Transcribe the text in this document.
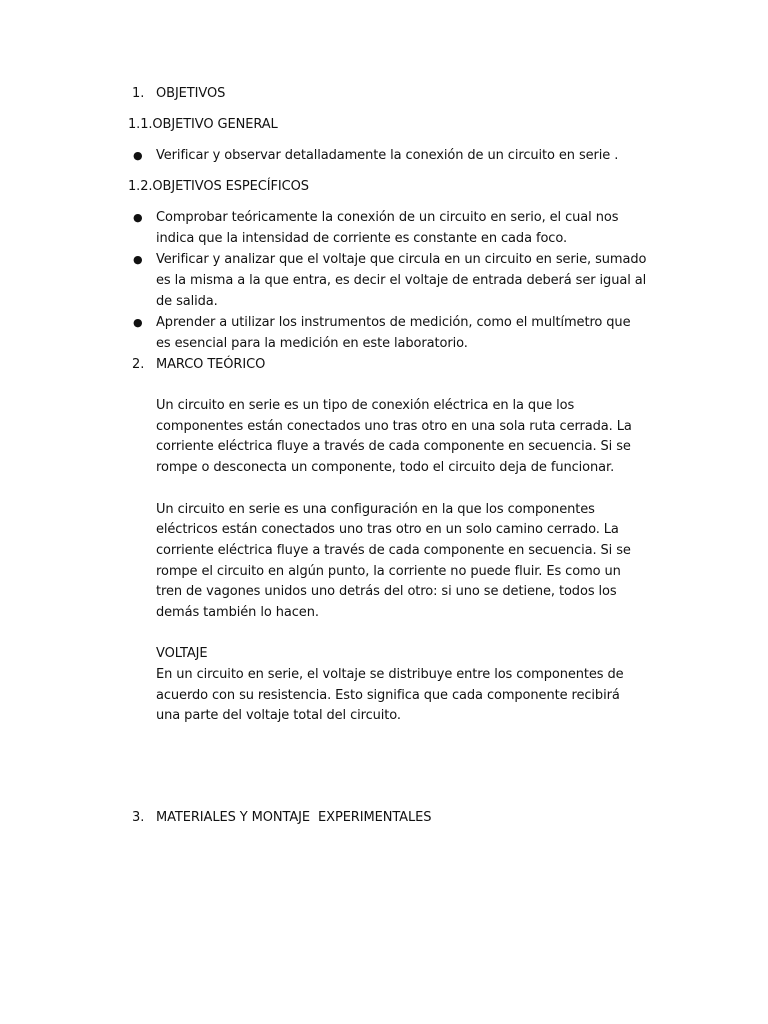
1. OBJETIVOS
1.1.OBJETIVO GENERAL
● Verificar y observar detalladamente la conexión de un circuito en serie .
1.2.OBJETIVOS ESPECÍFICOS
● Comprobar teóricamente la conexión de un circuito en serio, el cual nos
indica que la intensidad de corriente es constante en cada foco.
● Verificar y analizar que el voltaje que circula en un circuito en serie, sumado
es la misma a la que entra, es decir el voltaje de entrada deberá ser igual al
de salida.
● Aprender a utilizar los instrumentos de medición, como el multímetro que
es esencial para la medición en este laboratorio.
2. MARCO TEÓRICO
Un circuito en serie es un tipo de conexión eléctrica en la que los
componentes están conectados uno tras otro en una sola ruta cerrada. La
corriente eléctrica fluye a través de cada componente en secuencia. Si se
rompe o desconecta un componente, todo el circuito deja de funcionar.
Un circuito en serie es una configuración en la que los componentes
eléctricos están conectados uno tras otro en un solo camino cerrado. La
corriente eléctrica fluye a través de cada componente en secuencia. Si se
rompe el circuito en algún punto, la corriente no puede fluir. Es como un
tren de vagones unidos uno detrás del otro: si uno se detiene, todos los
demás también lo hacen.
VOLTAJE
En un circuito en serie, el voltaje se distribuye entre los componentes de
acuerdo con su resistencia. Esto significa que cada componente recibirá
una parte del voltaje total del circuito.
3. MATERIALES Y MONTAJE  EXPERIMENTALES
